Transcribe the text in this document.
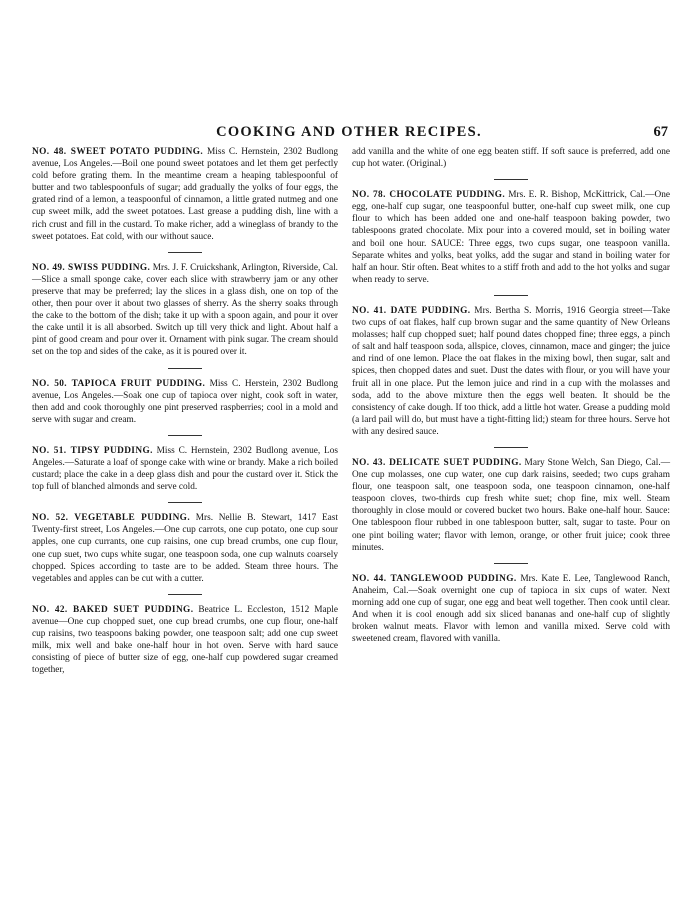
COOKING AND OTHER RECIPES.	67

NO. 48. SWEET POTATO PUDDING. Miss C. Hernstein, 2302 Budlong avenue, Los Angeles.—Boil one pound sweet potatoes and let them get perfectly cold before grating them. In the meantime cream a heaping tablespoonful of butter and two tablespoonfuls of sugar; add gradually the yolks of four eggs, the grated rind of a lemon, a teaspoonful of cinnamon, a little grated nutmeg and one cup sweet milk, add the sweet potatoes. Last grease a pudding dish, line with a rich crust and fill in the custard. To make richer, add a wineglass of brandy to the sweet potatoes. Eat cold, with our without sauce.

NO. 49. SWISS PUDDING. Mrs. J. F. Cruickshank, Arlington, Riverside, Cal.—Slice a small sponge cake, cover each slice with strawberry jam or any other preserve that may be preferred; lay the slices in a glass dish, one on top of the other, then pour over it about two glasses of sherry. As the sherry soaks through the cake to the bottom of the dish; take it up with a spoon again, and pour it over the cake until it is all absorbed. Switch up till very thick and light. About half a pint of good cream and pour over it. Ornament with pink sugar. The cream should set on the top and sides of the cake, as it is poured over it.

NO. 50. TAPIOCA FRUIT PUDDING. Miss C. Herstein, 2302 Budlong avenue, Los Angeles.—Soak one cup of tapioca over night, cook soft in water, then add and cook thoroughly one pint preserved raspberries; cool in a mold and serve with sugar and cream.

NO. 51. TIPSY PUDDING. Miss C. Hernstein, 2302 Budlong avenue, Los Angeles.—Saturate a loaf of sponge cake with wine or brandy. Make a rich boiled custard; place the cake in a deep glass dish and pour the custard over it. Stick the top full of blanched almonds and serve cold.

NO. 52. VEGETABLE PUDDING. Mrs. Nellie B. Stewart, 1417 East Twenty-first street, Los Angeles.—One cup carrots, one cup potato, one cup sour apples, one cup currants, one cup raisins, one cup bread crumbs, one cup flour, one cup suet, two cups white sugar, one teaspoon soda, one cup walnuts coarsely chopped. Spices according to taste are to be added. Steam three hours. The vegetables and apples can be cut with a cutter.

NO. 42. BAKED SUET PUDDING. Beatrice L. Eccleston, 1512 Maple avenue—One cup chopped suet, one cup bread crumbs, one cup flour, one-half cup raisins, two teaspoons baking powder, one teaspoon salt; add one cup sweet milk, mix well and bake one-half hour in hot oven. Serve with hard sauce consisting of piece of butter size of egg, one-half cup powdered sugar creamed together,

add vanilla and the white of one egg beaten stiff. If soft sauce is preferred, add one cup hot water. (Original.)

NO. 78. CHOCOLATE PUDDING. Mrs. E. R. Bishop, McKittrick, Cal.—One egg, one-half cup sugar, one teaspoonful butter, one-half cup sweet milk, one cup flour to which has been added one and one-half teaspoon baking powder, two tablespoons grated chocolate. Mix pour into a covered mould, set in boiling water and boil one hour. SAUCE: Three eggs, two cups sugar, one teaspoon vanilla. Separate whites and yolks, beat yolks, add the sugar and stand in boiling water for half an hour. Stir often. Beat whites to a stiff froth and add to the hot yolks and sugar when ready to serve.

NO. 41. DATE PUDDING. Mrs. Bertha S. Morris, 1916 Georgia street—Take two cups of oat flakes, half cup brown sugar and the same quantity of New Orleans molasses; half cup chopped suet; half pound dates chopped fine; three eggs, a pinch of salt and half teaspoon soda, allspice, cloves, cinnamon, mace and ginger; the juice and rind of one lemon. Place the oat flakes in the mixing bowl, then sugar, salt and spices, then chopped dates and suet. Dust the dates with flour, or you will have your fruit all in one place. Put the lemon juice and rind in a cup with the molasses and soda, add to the above mixture then the eggs well beaten. It should be the consistency of cake dough. If too thick, add a little hot water. Grease a pudding mold (a lard pail will do, but must have a tight-fitting lid;) steam for three hours. Serve hot with any desired sauce.

NO. 43. DELICATE SUET PUDDING. Mary Stone Welch, San Diego, Cal.—One cup molasses, one cup water, one cup dark raisins, seeded; two cups graham flour, one teaspoon salt, one teaspoon soda, one teaspoon cinnamon, one-half teaspoon cloves, two-thirds cup fresh white suet; chop fine, mix well. Steam thoroughly in close mould or covered bucket two hours. Bake one-half hour. Sauce: One tablespoon flour rubbed in one tablespoon butter, salt, sugar to taste. Pour on one pint boiling water; flavor with lemon, orange, or other fruit juice; cook three minutes.

NO. 44. TANGLEWOOD PUDDING. Mrs. Kate E. Lee, Tanglewood Ranch, Anaheim, Cal.—Soak overnight one cup of tapioca in six cups of water. Next morning add one cup of sugar, one egg and beat well together. Then cook until clear. And when it is cool enough add six sliced bananas and one-half cup of slightly broken walnut meats. Flavor with lemon and vanilla mixed. Serve cold with sweetened cream, flavored with vanilla.
